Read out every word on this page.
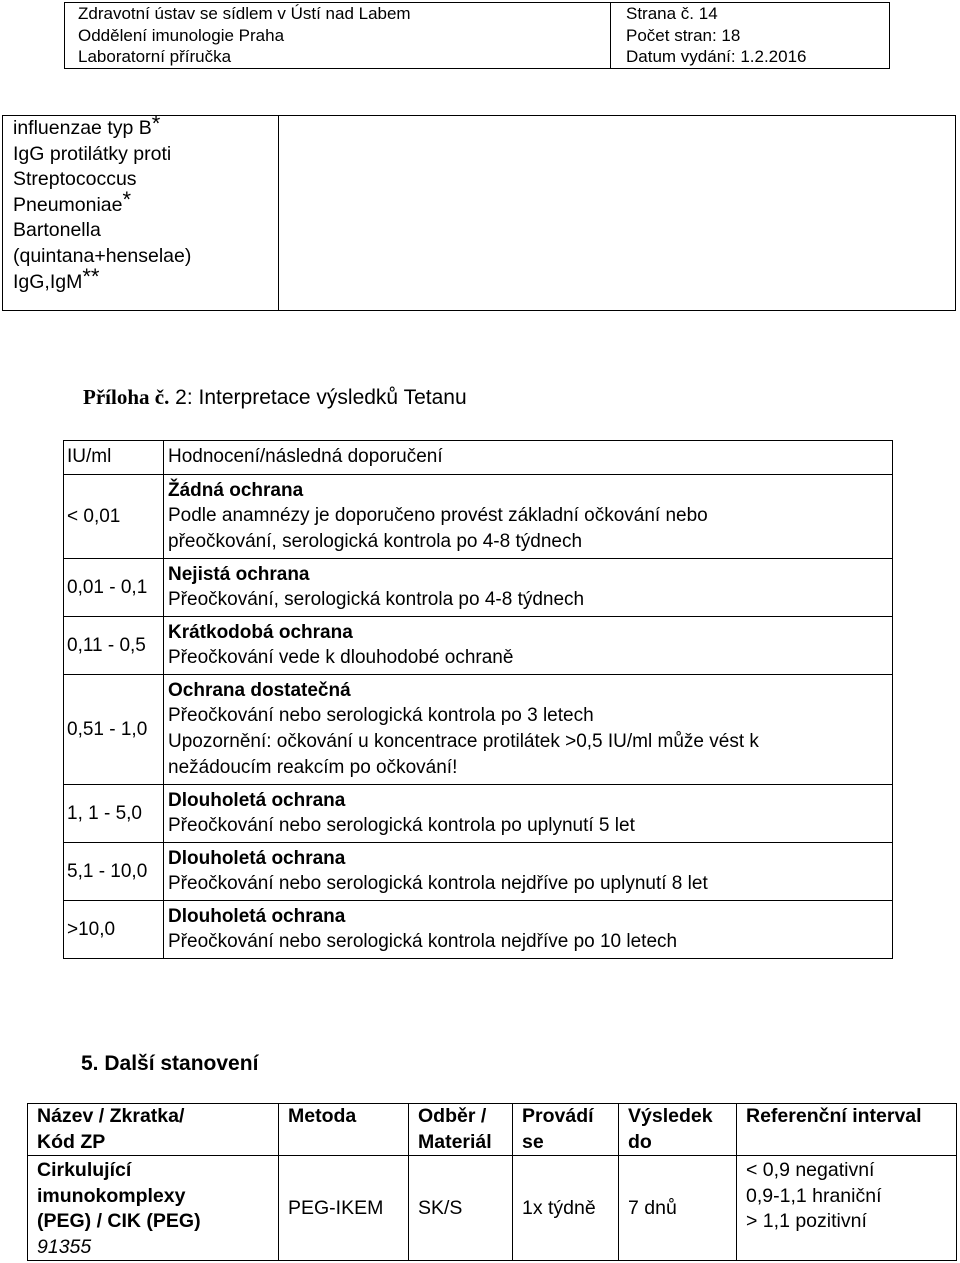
Zdravotní ústav se sídlem v Ústí nad Labem	Strana č. 14
Oddělení imunologie Praha	Počet stran: 18
Laboratorní příručka	Datum vydání: 1.2.2016
influenzae typ B*
IgG protilátky proti
Streptococcus
Pneumoniae*
Bartonella
(quintana+henselae)
IgG,IgM**

Příloha č. 2: Interpretace výsledků Tetanu
IU/ml	Hodnocení/následná doporučení
< 0,01	Žádná ochrana
Podle anamnézy je doporučeno provést základní očkování nebo
přeočkování, serologická kontrola po 4-8 týdnech

0,01 - 0,1	Nejistá ochrana
Přeočkování, serologická kontrola po 4-8 týdnech

0,11 - 0,5	Krátkodobá ochrana
Přeočkování vede k dlouhodobé ochraně

0,51 - 1,0	Ochrana dostatečná
Přeočkování nebo serologická kontrola po 3 letech
Upozornění: očkování u koncentrace protilátek >0,5 IU/ml může vést k
nežádoucím reakcím po očkování!

1, 1 - 5,0	Dlouholetá ochrana
Přeočkování nebo serologická kontrola po uplynutí 5 let

5,1 - 10,0	Dlouholetá ochrana
Přeočkování nebo serologická kontrola nejdříve po uplynutí 8 let

>10,0	Dlouholetá ochrana
Přeočkování nebo serologická kontrola nejdříve po 10 letech
5. Další stanovení
Název / Zkratka/
Kód ZP	Metoda	Odběr /
Materiál	Provádí
se	Výsledek
do	Referenční interval

Cirkulující
imunokomplexy
(PEG) / CIK (PEG)
91355	PEG-IKEM	SK/S	1x týdně	7 dnů	< 0,9 negativní
0,9-1,1 hraniční
> 1,1 pozitivní
